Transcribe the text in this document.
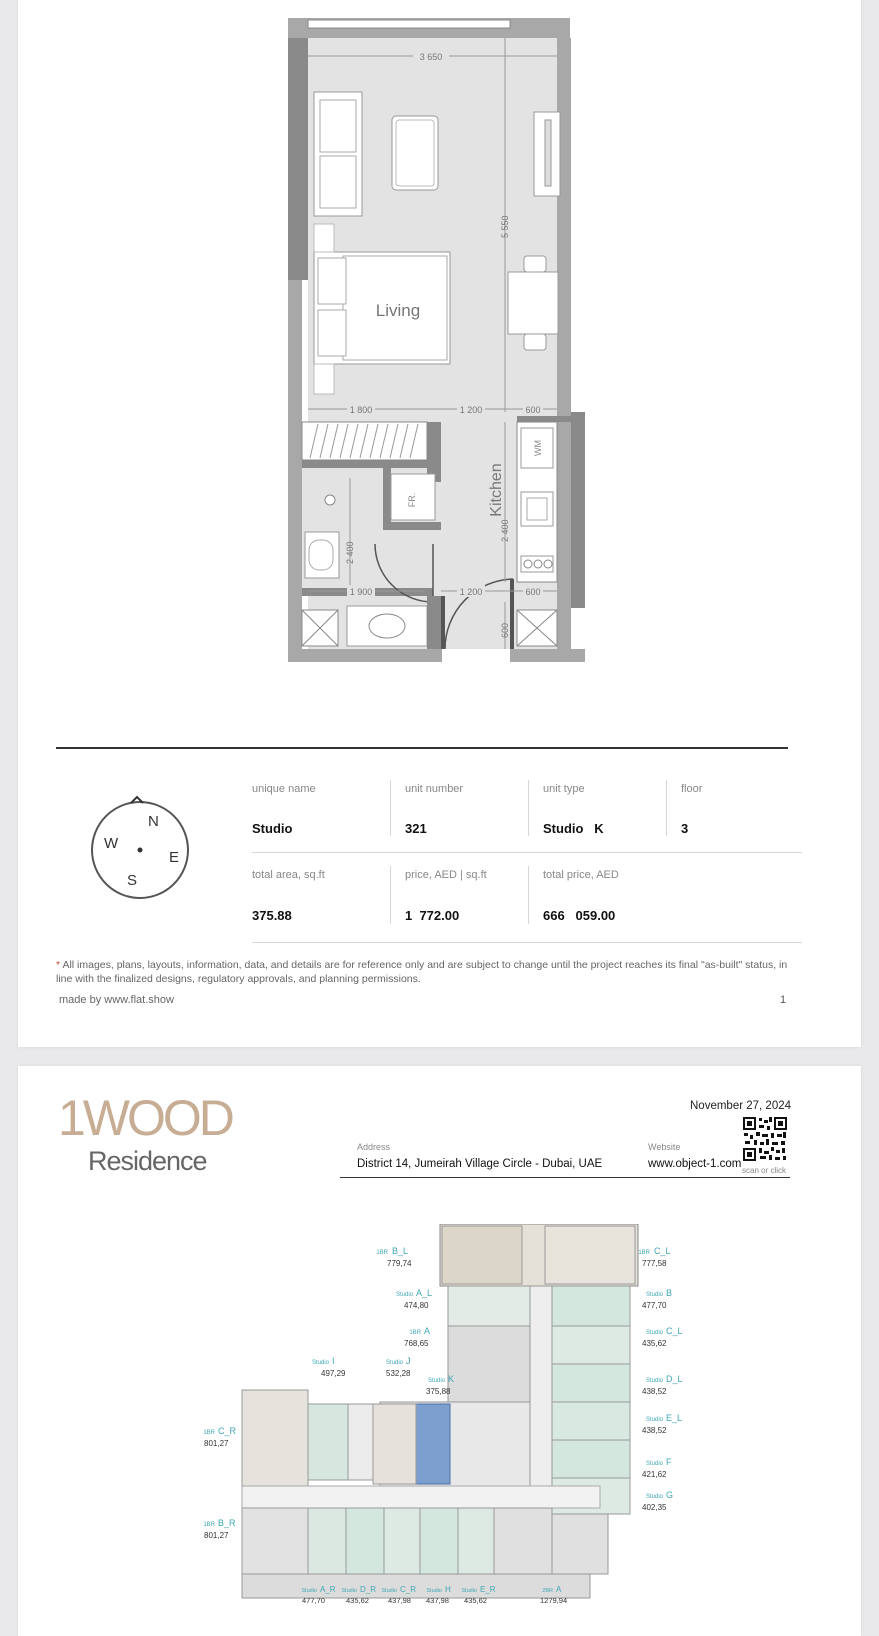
Living
5 550
3 650
1 800	1 200	600
FR.
2 400
1 900	1 200	600
600
2 400
Kitchen
WM
N
E
S
W
unique name
Studio
unit number
321
unit type
Studio   K
floor
3
total area, sq.ft
375.88
price, AED | sq.ft
1  772.00
total price, AED
666   059.00
* All images, plans, layouts, information, data, and details are for reference only and are subject to change until the project reaches its final "as-built" status, in line with the finalized designs, regulatory approvals, and planning permissions.
made by www.flat.show	1
1WOOD
Residence
November 27, 2024
Address
District 14, Jumeirah Village Circle - Dubai, UAE
Website
www.object-1.com
scan or click
B_L
1BR
779,74
C_L
1BR
777,58
A_L
Studio
474,80
B
Studio
477,70
A
1BR
768,65
C_L
Studio
435,62
I
Studio
497,29
J
Studio
532,28
K
Studio
375,88
D_L
Studio
438,52
C_R
1BR
801,27
E_L
Studio
438,52
F
Studio
421,62
G
Studio
402,35
B_R
1BR
801,27
A_R
Studio
477,70
D_R
Studio
435,62
C_R
Studio
437,98
H
Studio
437,98
E_R
Studio
435,62
A
2BR
1279,94
